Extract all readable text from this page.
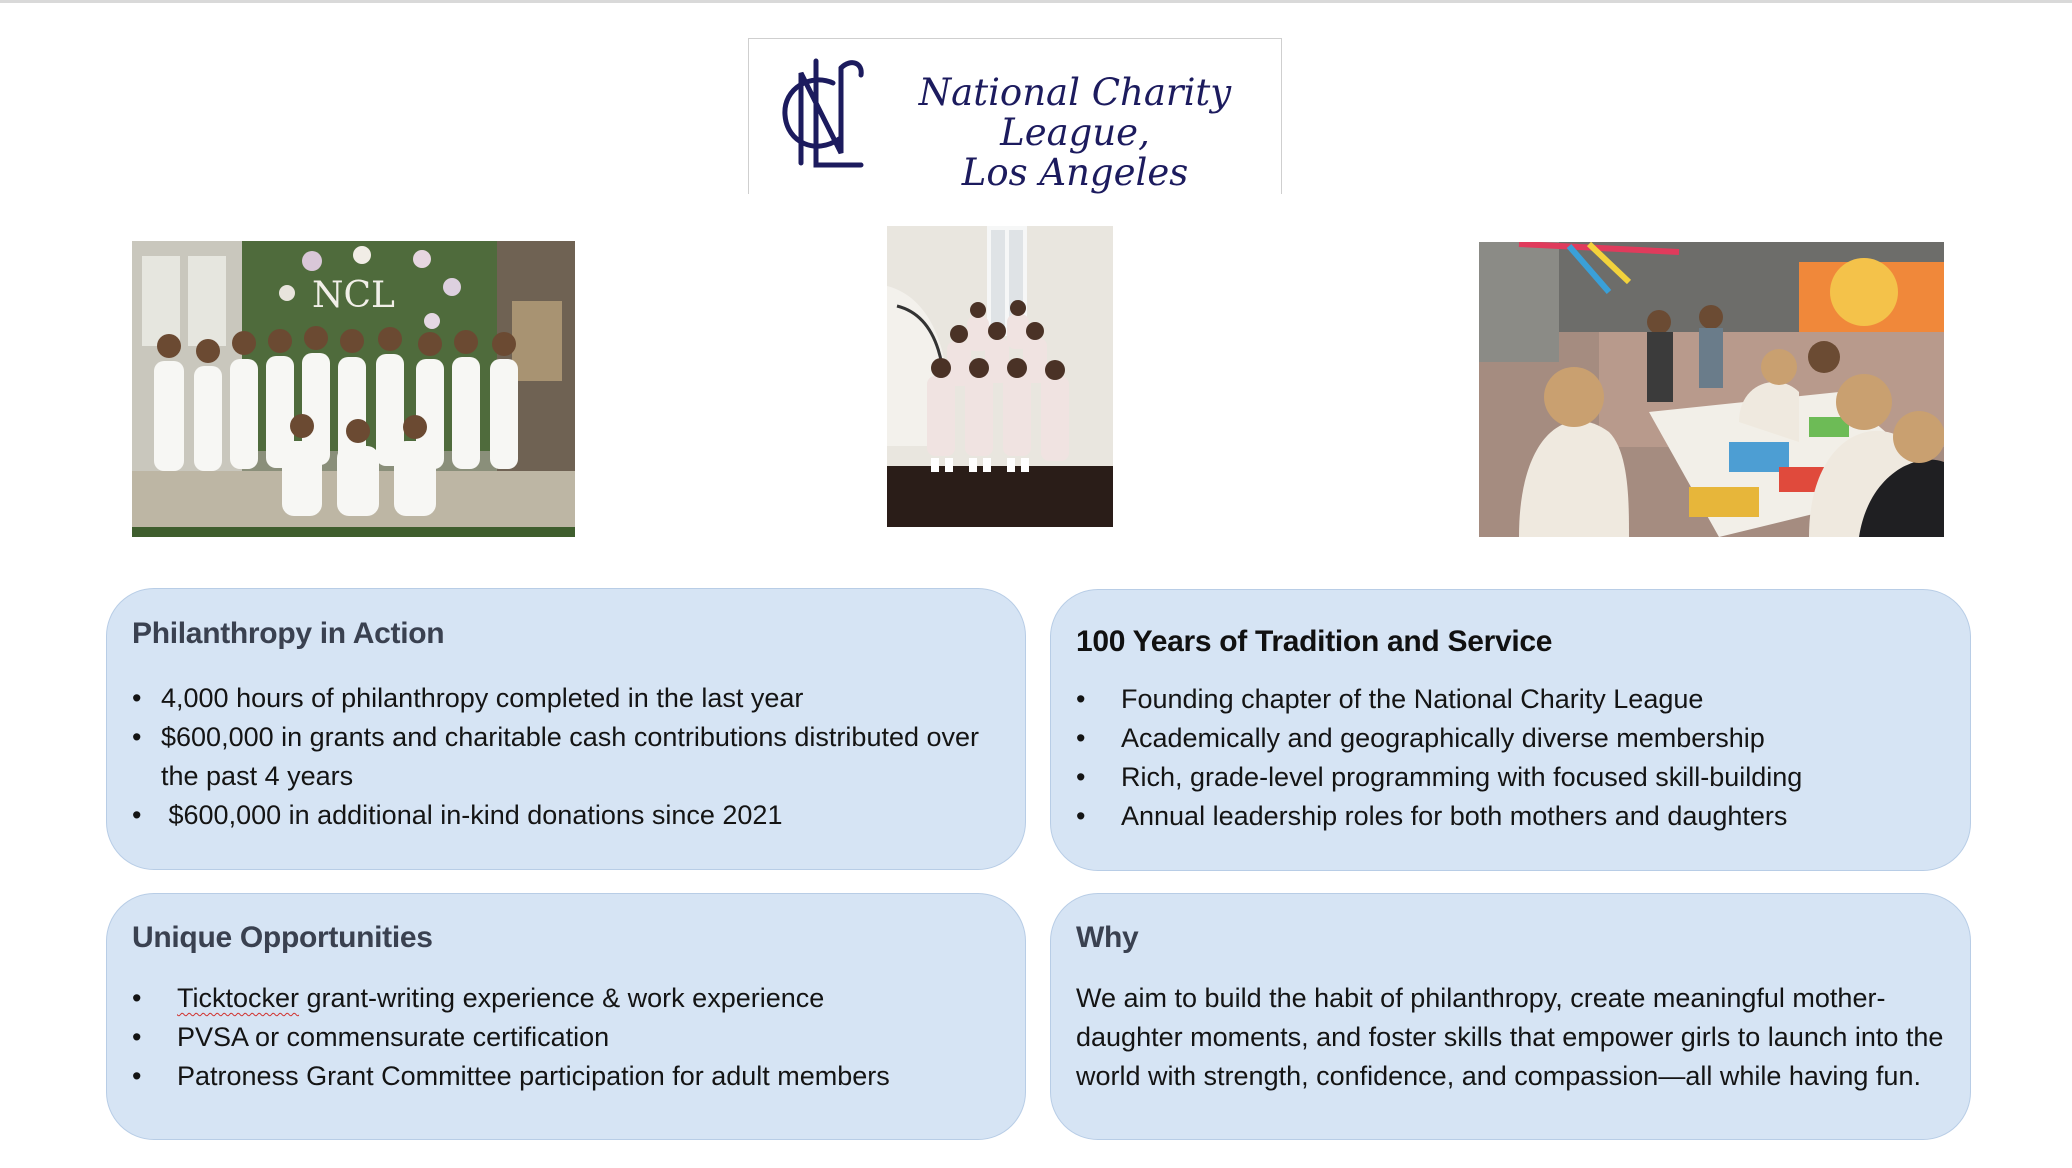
National Charity League,
Los Angeles
NCL
Philanthropy in Action
• 4,000 hours of philanthropy completed in the last year
• $600,000 in grants and charitable cash contributions distributed over the past 4 years
• $600,000 in additional in-kind donations since 2021
100 Years of Tradition and Service
• Founding chapter of the National Charity League
• Academically and geographically diverse membership
• Rich, grade-level programming with focused skill-building
• Annual leadership roles for both mothers and daughters
Unique Opportunities
• Ticktocker grant-writing experience & work experience
• PVSA or commensurate certification
• Patroness Grant Committee participation for adult members
Why

We aim to build the habit of philanthropy, create meaningful mother-daughter moments, and foster skills that empower girls to launch into the world with strength, confidence, and compassion—all while having fun.
